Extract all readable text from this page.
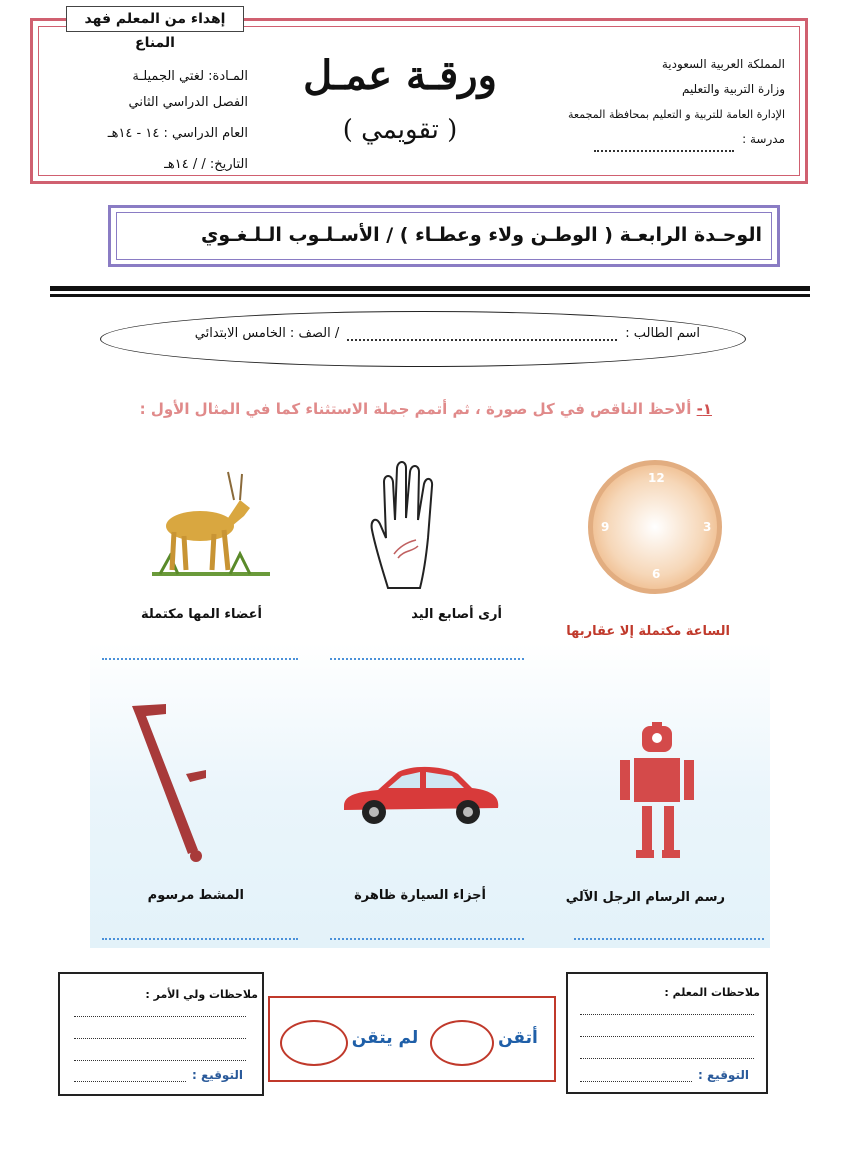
إهداء من المعلم فهد المناع
المـادة: لغتي الجميلـة
الفصل الدراسي الثاني
العام الدراسي : ١٤ - ١٤هـ
التاريخ: / / ١٤هـ
ورقـة عمـل
( تقويمي )
المملكة العربية السعودية
وزارة التربية والتعليم
الإدارة العامة للتربية و التعليم بمحافظة المجمعة
مدرسة :
الوحـدة الرابعـة ( الوطـن ولاء وعطـاء ) / الأسـلـوب الـلـغـوي
اسم الطالب :
/ الصف : الخامس الابتدائي
١- ألاحظ الناقص في كل صورة ، ثم أتمم جملة الاستثناء كما في المثال الأول :
12
3
6
9
الساعة مكتملة إلا عقاربها
أرى أصابع اليد
أعضاء المها مكتملة
رسم الرسام الرجل الآلي
أجزاء السيارة ظاهرة
المشط مرسوم
ملاحظات ولي الأمر :
التوقيع :
لم يتقن	أتقن
ملاحظات المعلم :
التوقيع :
